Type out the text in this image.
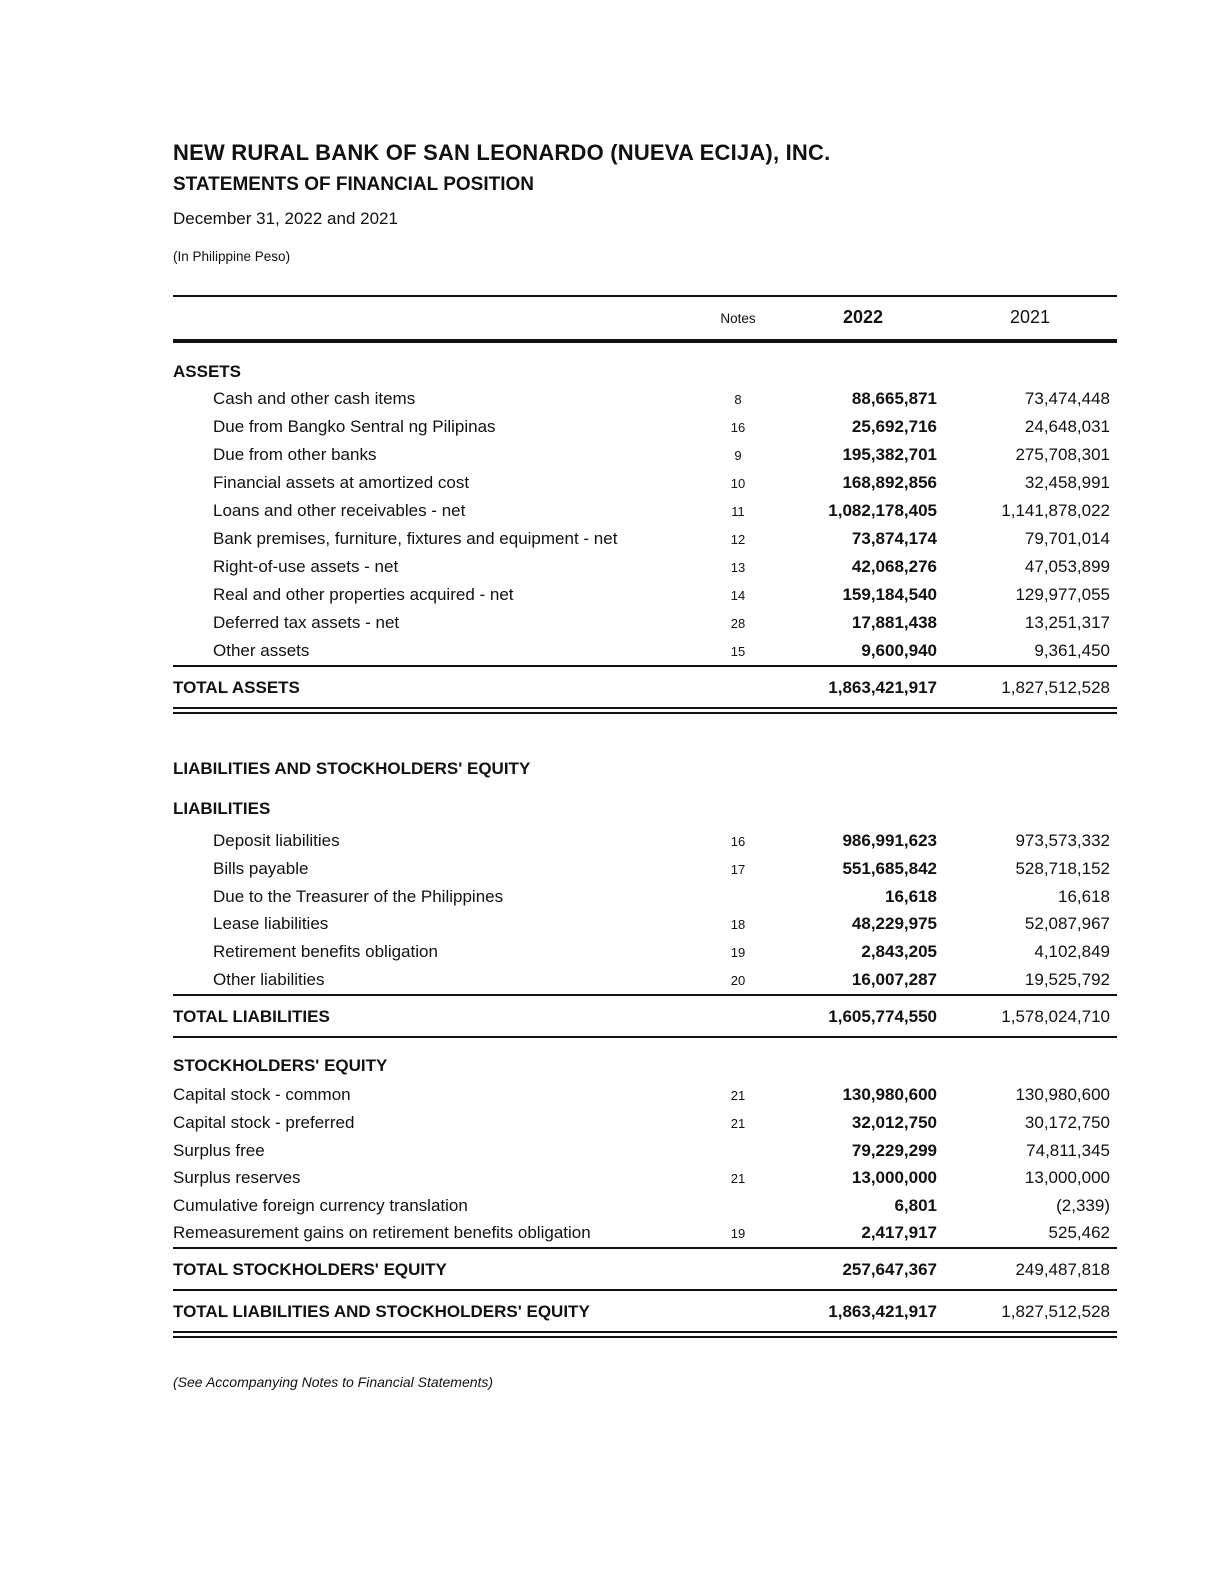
NEW RURAL BANK OF SAN LEONARDO (NUEVA ECIJA), INC.
STATEMENTS OF FINANCIAL POSITION
December 31, 2022 and 2021
(In Philippine Peso)
Notes	2022	2021
ASSETS
Cash and other cash items	8	88,665,871	73,474,448
Due from Bangko Sentral ng Pilipinas	16	25,692,716	24,648,031
Due from other banks	9	195,382,701	275,708,301
Financial assets at amortized cost	10	168,892,856	32,458,991
Loans and other receivables - net	11	1,082,178,405	1,141,878,022
Bank premises, furniture, fixtures and equipment - net	12	73,874,174	79,701,014
Right-of-use assets - net	13	42,068,276	47,053,899
Real and other properties acquired - net	14	159,184,540	129,977,055
Deferred tax assets - net	28	17,881,438	13,251,317
Other assets	15	9,600,940	9,361,450
TOTAL ASSETS	1,863,421,917	1,827,512,528
LIABILITIES AND STOCKHOLDERS' EQUITY
LIABILITIES
Deposit liabilities	16	986,991,623	973,573,332
Bills payable	17	551,685,842	528,718,152
Due to the Treasurer of the Philippines	16,618	16,618
Lease liabilities	18	48,229,975	52,087,967
Retirement benefits obligation	19	2,843,205	4,102,849
Other liabilities	20	16,007,287	19,525,792
TOTAL LIABILITIES	1,605,774,550	1,578,024,710
STOCKHOLDERS' EQUITY
Capital stock - common	21	130,980,600	130,980,600
Capital stock - preferred	21	32,012,750	30,172,750
Surplus free	79,229,299	74,811,345
Surplus reserves	21	13,000,000	13,000,000
Cumulative foreign currency translation	6,801	(2,339)
Remeasurement gains on retirement benefits obligation	19	2,417,917	525,462
TOTAL STOCKHOLDERS' EQUITY	257,647,367	249,487,818
TOTAL LIABILITIES AND STOCKHOLDERS' EQUITY	1,863,421,917	1,827,512,528
(See Accompanying Notes to Financial Statements)
